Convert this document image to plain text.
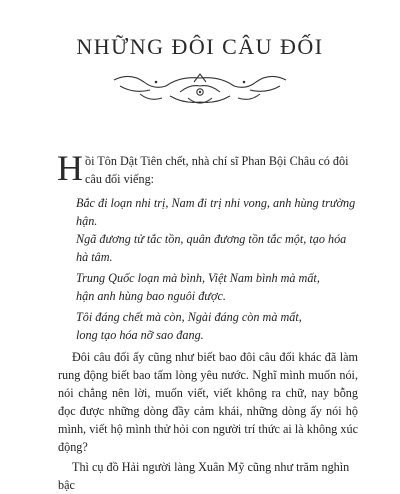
NHỮNG ĐÔI CÂU ĐỐI
H ồi Tôn Dật Tiên chết, nhà chí sĩ Phan Bội Châu có đôi câu đối viếng:
Bắc đi loạn nhi trị, Nam đi trị nhi vong, anh hùng trường hận.
Ngã đương tử tắc tồn, quân đương tồn tắc một, tạo hóa hà tâm.
Trung Quốc loạn mà bình, Việt Nam bình mà mất,
hận anh hùng bao nguôi được.
Tôi đáng chết mà còn, Ngài đáng còn mà mất,
long tạo hóa nỡ sao đang.
Đôi câu đối ấy cũng như biết bao đôi câu đối khác đã làm rung động biết bao tấm lòng yêu nước. Nghĩ mình muốn nói, nói chẳng nên lời, muốn viết, viết không ra chữ, nay bỗng đọc được những dòng đầy cảm khái, những dòng ấy nói hộ mình, viết hộ mình thử hỏi con người trí thức ai là không xúc động?
Thì cụ đồ Hải người làng Xuân Mỹ cũng như trăm nghìn bậc
